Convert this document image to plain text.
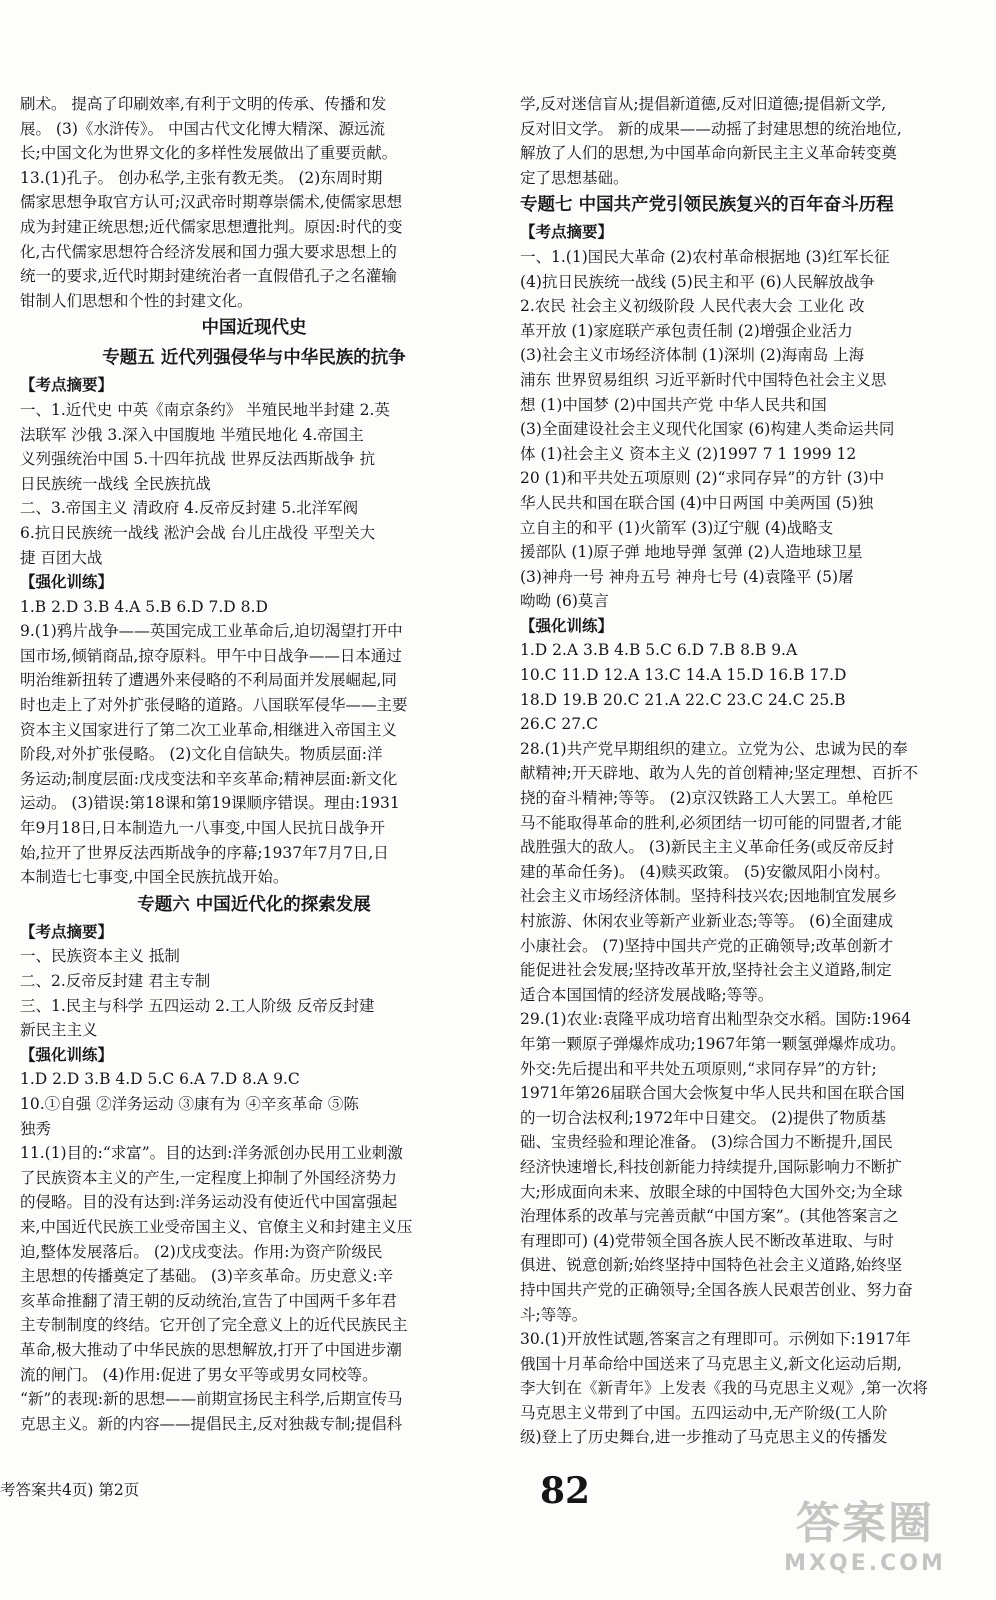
刷术。 提高了印刷效率,有利于文明的传承、传播和发
展。 (3)《水浒传》。 中国古代文化博大精深、源远流
长;中国文化为世界文化的多样性发展做出了重要贡献。
13.(1)孔子。 创办私学,主张有教无类。 (2)东周时期
儒家思想争取官方认可;汉武帝时期尊崇儒术,使儒家思想
成为封建正统思想;近代儒家思想遭批判。原因:时代的变
化,古代儒家思想符合经济发展和国力强大要求思想上的
统一的要求,近代时期封建统治者一直假借孔子之名灌输
钳制人们思想和个性的封建文化。
中国近现代史
专题五 近代列强侵华与中华民族的抗争
【考点摘要】
一、1.近代史 中英《南京条约》 半殖民地半封建 2.英
法联军 沙俄 3.深入中国腹地 半殖民地化 4.帝国主
义列强统治中国 5.十四年抗战 世界反法西斯战争 抗
日民族统一战线 全民族抗战
二、3.帝国主义 清政府 4.反帝反封建 5.北洋军阀
6.抗日民族统一战线 淞沪会战 台儿庄战役 平型关大
捷 百团大战
【强化训练】
1.B 2.D 3.B 4.A 5.B 6.D 7.D 8.D
9.(1)鸦片战争——英国完成工业革命后,迫切渴望打开中
国市场,倾销商品,掠夺原料。甲午中日战争——日本通过
明治维新扭转了遭遇外来侵略的不利局面并发展崛起,同
时也走上了对外扩张侵略的道路。八国联军侵华——主要
资本主义国家进行了第二次工业革命,相继进入帝国主义
阶段,对外扩张侵略。 (2)文化自信缺失。物质层面:洋
务运动;制度层面:戊戌变法和辛亥革命;精神层面:新文化
运动。 (3)错误:第18课和第19课顺序错误。理由:1931
年9月18日,日本制造九一八事变,中国人民抗日战争开
始,拉开了世界反法西斯战争的序幕;1937年7月7日,日
本制造七七事变,中国全民族抗战开始。
专题六 中国近代化的探索发展
【考点摘要】
一、民族资本主义 抵制
二、2.反帝反封建 君主专制
三、1.民主与科学 五四运动 2.工人阶级 反帝反封建
新民主主义
【强化训练】
1.D 2.D 3.B 4.D 5.C 6.A 7.D 8.A 9.C
10.①自强 ②洋务运动 ③康有为 ④辛亥革命 ⑤陈
独秀
11.(1)目的:“求富”。目的达到:洋务派创办民用工业刺激
了民族资本主义的产生,一定程度上抑制了外国经济势力
的侵略。目的没有达到:洋务运动没有使近代中国富强起
来,中国近代民族工业受帝国主义、官僚主义和封建主义压
迫,整体发展落后。 (2)戊戌变法。作用:为资产阶级民
主思想的传播奠定了基础。 (3)辛亥革命。历史意义:辛
亥革命推翻了清王朝的反动统治,宣告了中国两千多年君
主专制制度的终结。它开创了完全意义上的近代民族民主
革命,极大推动了中华民族的思想解放,打开了中国进步潮
流的闸门。 (4)作用:促进了男女平等或男女同校等。
“新”的表现:新的思想——前期宣扬民主科学,后期宣传马
克思主义。新的内容——提倡民主,反对独裁专制;提倡科
学,反对迷信盲从;提倡新道德,反对旧道德;提倡新文学,
反对旧文学。 新的成果——动摇了封建思想的统治地位,
解放了人们的思想,为中国革命向新民主主义革命转变奠
定了思想基础。
专题七 中国共产党引领民族复兴的百年奋斗历程
【考点摘要】
一、1.(1)国民大革命 (2)农村革命根据地 (3)红军长征
(4)抗日民族统一战线 (5)民主和平 (6)人民解放战争
2.农民 社会主义初级阶段 人民代表大会 工业化 改
革开放 (1)家庭联产承包责任制 (2)增强企业活力
(3)社会主义市场经济体制 (1)深圳 (2)海南岛 上海
浦东 世界贸易组织 习近平新时代中国特色社会主义思
想 (1)中国梦 (2)中国共产党 中华人民共和国
(3)全面建设社会主义现代化国家 (6)构建人类命运共同
体 (1)社会主义 资本主义 (2)1997 7 1 1999 12
20 (1)和平共处五项原则 (2)“求同存异”的方针 (3)中
华人民共和国在联合国 (4)中日两国 中美两国 (5)独
立自主的和平 (1)火箭军 (3)辽宁舰 (4)战略支
援部队 (1)原子弹 地地导弹 氢弹 (2)人造地球卫星
(3)神舟一号 神舟五号 神舟七号 (4)袁隆平 (5)屠
呦呦 (6)莫言
【强化训练】
1.D 2.A 3.B 4.B 5.C 6.D 7.B 8.B 9.A
10.C 11.D 12.A 13.C 14.A 15.D 16.B 17.D
18.D 19.B 20.C 21.A 22.C 23.C 24.C 25.B
26.C 27.C
28.(1)共产党早期组织的建立。立党为公、忠诚为民的奉
献精神;开天辟地、敢为人先的首创精神;坚定理想、百折不
挠的奋斗精神;等等。 (2)京汉铁路工人大罢工。单枪匹
马不能取得革命的胜利,必须团结一切可能的同盟者,才能
战胜强大的敌人。 (3)新民主主义革命任务(或反帝反封
建的革命任务)。 (4)赎买政策。 (5)安徽凤阳小岗村。
社会主义市场经济体制。坚持科技兴农;因地制宜发展乡
村旅游、休闲农业等新产业新业态;等等。 (6)全面建成
小康社会。 (7)坚持中国共产党的正确领导;改革创新才
能促进社会发展;坚持改革开放,坚持社会主义道路,制定
适合本国国情的经济发展战略;等等。
29.(1)农业:袁隆平成功培育出籼型杂交水稻。国防:1964
年第一颗原子弹爆炸成功;1967年第一颗氢弹爆炸成功。
外交:先后提出和平共处五项原则,“求同存异”的方针;
1971年第26届联合国大会恢复中华人民共和国在联合国
的一切合法权利;1972年中日建交。 (2)提供了物质基
础、宝贵经验和理论准备。 (3)综合国力不断提升,国民
经济快速增长,科技创新能力持续提升,国际影响力不断扩
大;形成面向未来、放眼全球的中国特色大国外交;为全球
治理体系的改革与完善贡献“中国方案”。(其他答案言之
有理即可) (4)党带领全国各族人民不断改革进取、与时
俱进、锐意创新;始终坚持中国特色社会主义道路,始终坚
持中国共产党的正确领导;全国各族人民艰苦创业、努力奋
斗;等等。
30.(1)开放性试题,答案言之有理即可。示例如下:1917年
俄国十月革命给中国送来了马克思主义,新文化运动后期,
李大钊在《新青年》上发表《我的马克思主义观》,第一次将
马克思主义带到了中国。五四运动中,无产阶级(工人阶
级)登上了历史舞台,进一步推动了马克思主义的传播发
考答案共4页) 第2页	82
答案圈
MXQE.COM
